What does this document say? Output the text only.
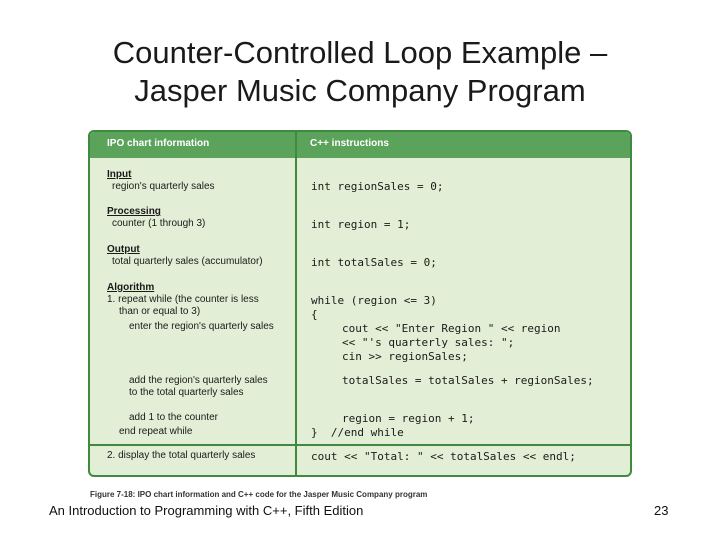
Counter-Controlled Loop Example –
Jasper Music Company Program
IPO chart information	C++ instructions
Input
region's quarterly sales
Processing
counter (1 through 3)
Output
total quarterly sales (accumulator)
Algorithm
1. repeat while (the counter is less
than or equal to 3)
enter the region's quarterly sales
add the region's quarterly sales
to the total quarterly sales
add 1 to the counter
end repeat while
2. display the total quarterly sales
int regionSales = 0;
int region = 1;
int totalSales = 0;
while (region <= 3)
{
cout << "Enter Region " << region
<< "'s quarterly sales: ";
cin >> regionSales;
totalSales = totalSales + regionSales;
region = region + 1;
}  //end while
cout << "Total: " << totalSales << endl;
Figure 7-18: IPO chart information and C++ code for the Jasper Music Company program
An Introduction to Programming with C++, Fifth Edition	23
